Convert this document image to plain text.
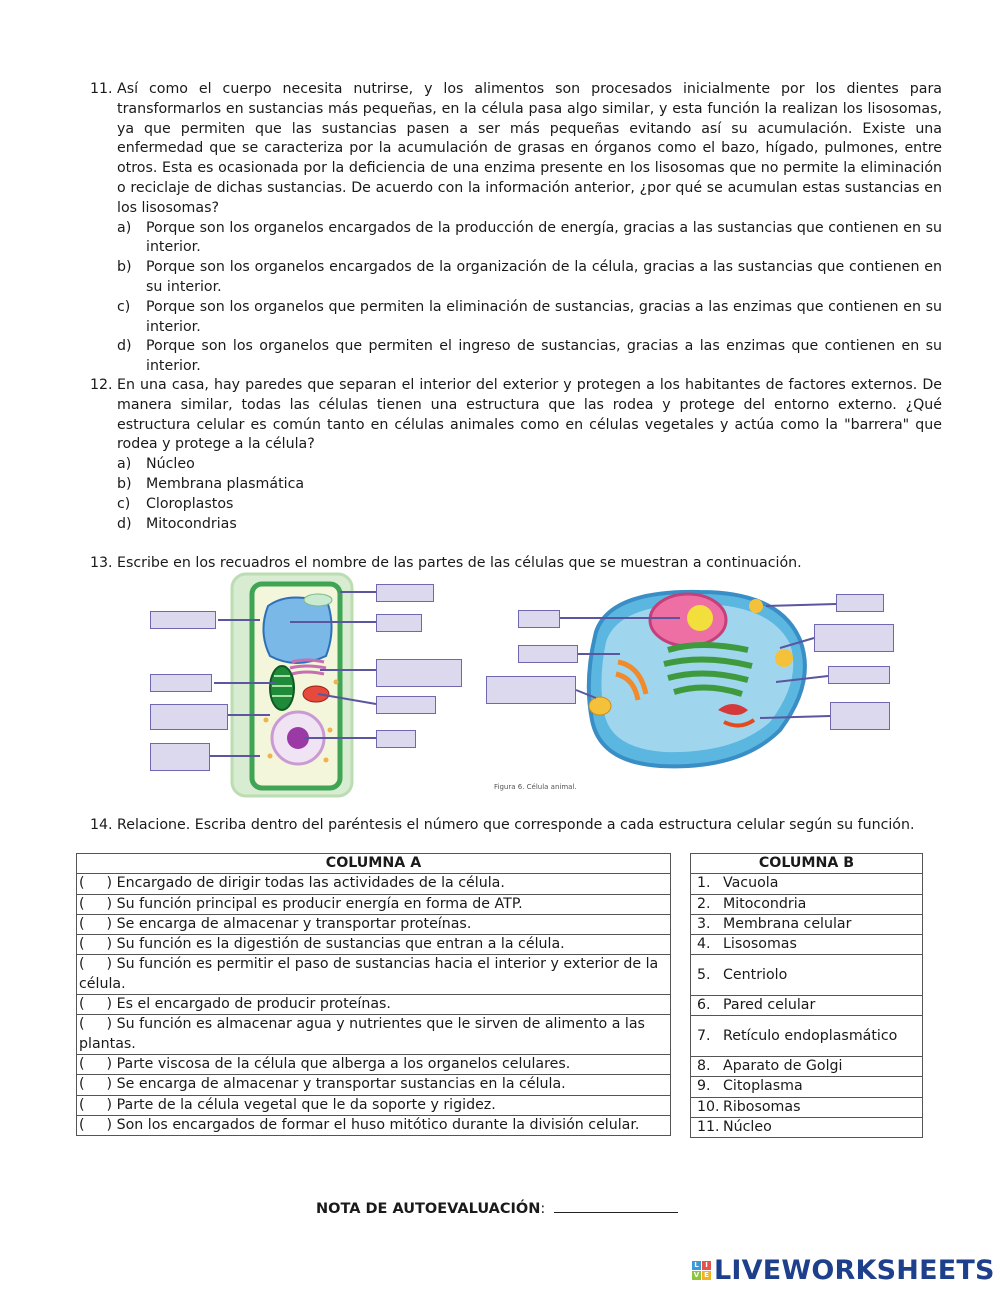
11. Así como el cuerpo necesita nutrirse, y los alimentos son procesados inicialmente por los dientes para transformarlos en sustancias más pequeñas, en la célula pasa algo similar, y esta función la realizan los lisosomas, ya que permiten que las sustancias pasen a ser más pequeñas evitando así su acumulación. Existe una enfermedad que se caracteriza por la acumulación de grasas en órganos como el bazo, hígado, pulmones, entre otros. Esta es ocasionada por la deficiencia de una enzima presente en los lisosomas que no permite la eliminación o reciclaje de dichas sustancias. De acuerdo con la información anterior, ¿por qué se acumulan estas sustancias en los lisosomas?
a) Porque son los organelos encargados de la producción de energía, gracias a las sustancias que contienen en su interior.
b) Porque son los organelos encargados de la organización de la célula, gracias a las sustancias que contienen en su interior.
c) Porque son los organelos que permiten la eliminación de sustancias, gracias a las enzimas que contienen en su interior.
d) Porque son los organelos que permiten el ingreso de sustancias, gracias a las enzimas que contienen en su interior.
12. En una casa, hay paredes que separan el interior del exterior y protegen a los habitantes de factores externos. De manera similar, todas las células tienen una estructura que las rodea y protege del entorno externo. ¿Qué estructura celular es común tanto en células animales como en células vegetales y actúa como la "barrera" que rodea y protege a la célula?
a) Núcleo
b) Membrana plasmática
c) Cloroplastos
d) Mitocondrias
13. Escribe en los recuadros el nombre de las partes de las células que se muestran a continuación.
Figura 6. Célula animal.
14. Relacione. Escriba dentro del paréntesis el número que corresponde a cada estructura celular según su función.
COLUMNA A
( ) Encargado de dirigir todas las actividades de la célula.
( ) Su función principal es producir energía en forma de ATP.
( ) Se encarga de almacenar y transportar proteínas.
( ) Su función es la digestión de sustancias que entran a la célula.
( ) Su función es permitir el paso de sustancias hacia el interior y exterior de la célula.
( ) Es el encargado de producir proteínas.
( ) Su función es almacenar agua y nutrientes que le sirven de alimento a las plantas.
( ) Parte viscosa de la célula que alberga a los organelos celulares.
( ) Se encarga de almacenar y transportar sustancias en la célula.
( ) Parte de la célula vegetal que le da soporte y rigidez.
( ) Son los encargados de formar el huso mitótico durante la división celular.
COLUMNA B
1. Vacuola
2. Mitocondria
3. Membrana celular
4. Lisosomas
5. Centriolo
6. Pared celular
7. Retículo endoplasmático
8. Aparato de Golgi
9. Citoplasma
10. Ribosomas
11. Núcleo
NOTA DE AUTOEVALUACIÓN:
L I
V E LIVEWORKSHEETS
